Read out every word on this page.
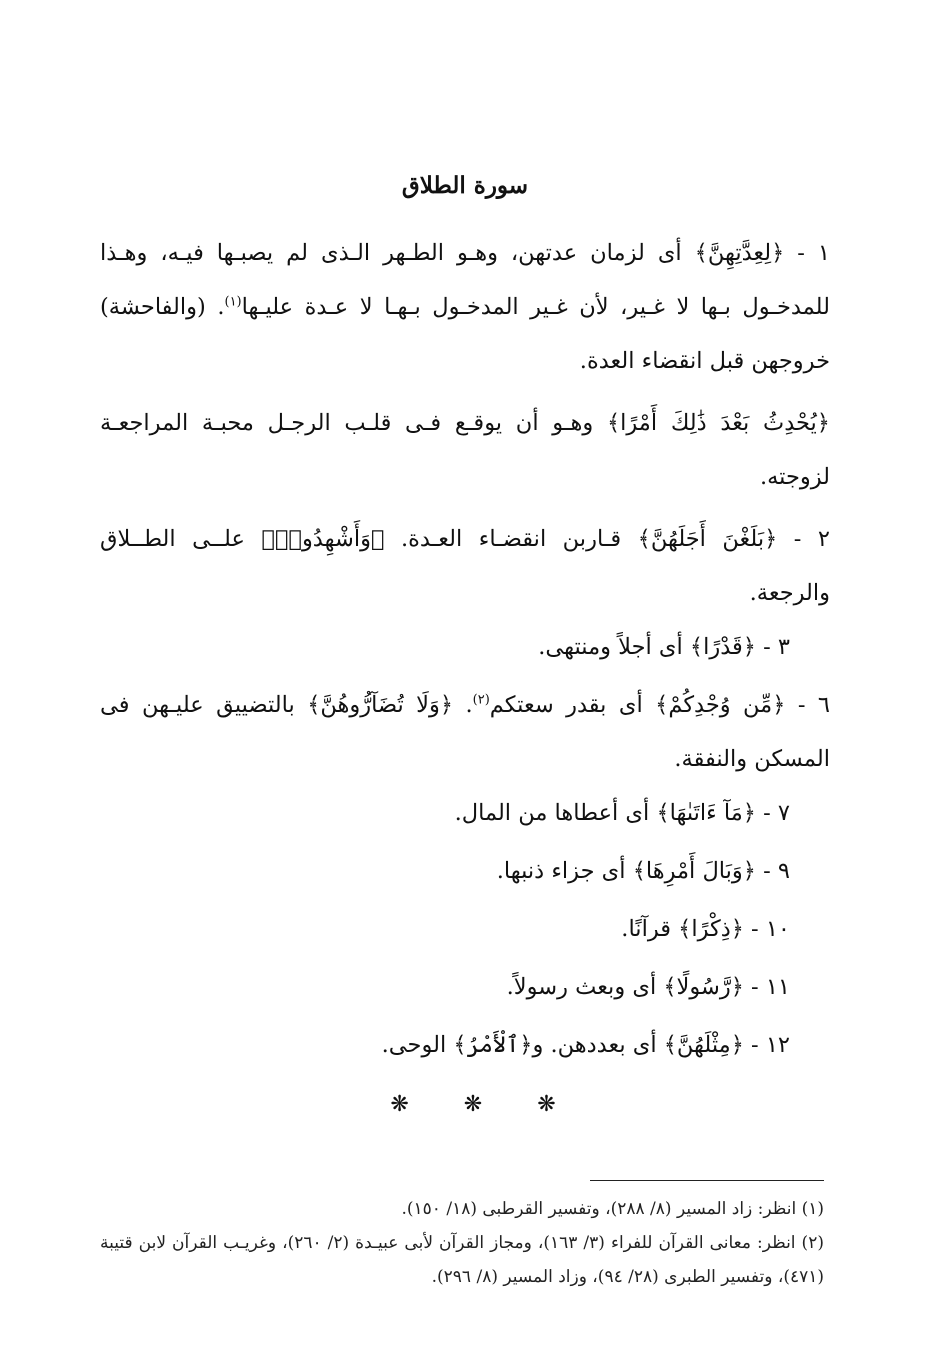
سورة الطلاق

١ - ﴿لِعِدَّتِهِنَّ﴾ أى لزمان عدتهن، وهـو الطـهر الـذى لم يصبـها فيـه، وهـذا للمدخـول بـها لا غـير، لأن غـير المدخـول بـهـا لا عـدة عليـها$^{(١)}$. (والفاحشة) خروجهن قبل انقضاء العدة.

﴿يُحْدِثُ بَعْدَ ذَٰلِكَ أَمْرًا﴾ وهـو أن يوقـع فـى قلـب الرجـل محبـة المراجعـة لزوجته.

٢ - ﴿بَلَغْنَ أَجَلَهُنَّ﴾ قـاربن انقضـاء العـدة. ﴿وَأَشْهِدُوا۟﴾ علــى الطــلاق والرجعة.

٣ - ﴿قَدْرًا﴾ أى أجلاً ومنتهى.

٦ - ﴿مِّن وُجْدِكُمْ﴾ أى بقدر سعتكم$^{(٢)}$. ﴿وَلَا تُضَآرُّوهُنَّ﴾ بالتضييق عليـهن فى المسكن والنفقة.

٧ - ﴿مَآ ءَاتَىٰهَا﴾ أى أعطاها من المال.

٩ - ﴿وَبَالَ أَمْرِهَا﴾ أى جزاء ذنبها.

١٠ - ﴿ذِكْرًا﴾ قرآنًا.

١١ - ﴿رَّسُولًا﴾ أى وبعث رسولاً.

١٢ - ﴿مِثْلَهُنَّ﴾ أى بعددهن. و﴿ٱلْأَمْرُ﴾ الوحى.

❋ ❋ ❋

(١) انظر: زاد المسير (٨/ ٢٨٨)، وتفسير القرطبى (١٨/ ١٥٠).

(٢) انظر: معانى القرآن للفراء (٣/ ١٦٣)، ومجاز القرآن لأبى عبيـدة (٢/ ٢٦٠)، وغريـب القرآن لابن قتيبة (٤٧١)، وتفسير الطبرى (٢٨/ ٩٤)، وزاد المسير (٨/ ٢٩٦).
